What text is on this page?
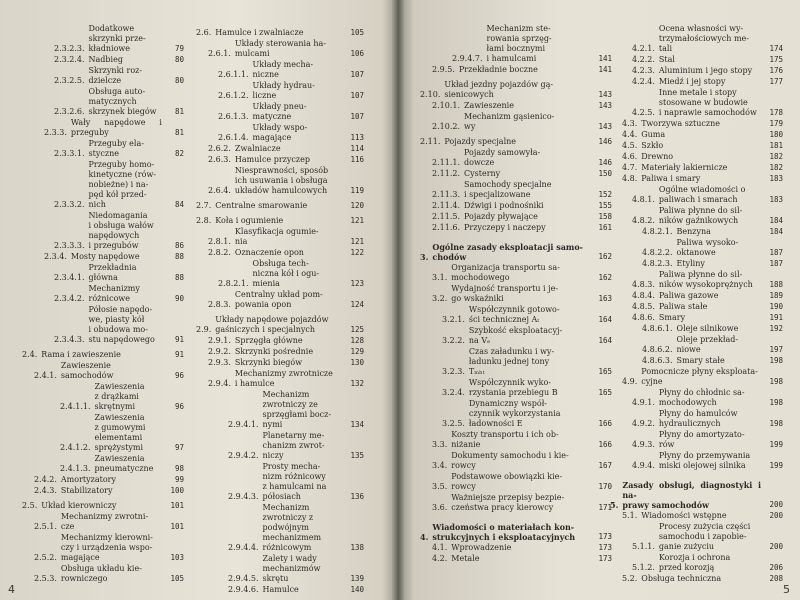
2.3.2.3.
Dodatkowe
skrzynki prze-
kładniowe	79
2.3.2.4. Nadbieg	80
2.3.2.5.
Skrzynki roz-
dzielcze	80
2.3.2.6.
Obsługa auto-
matycznych
skrzynek biegów	81
2.3.3.
Wały napędowe i przeguby	81
2.3.3.1.
Przeguby ela-
styczne	82
2.3.3.2.
Przeguby homo-
kinetyczne (rów-
nobieżne) i na-
pęd kół przed-
nich	84
2.3.3.3.
Niedomagania
i obsługa wałów
napędowych
i przegubów	86
2.3.4. Mosty napędowe	88
2.3.4.1.
Przekładnia
główna	88
2.3.4.2.
Mechanizmy
różnicowe	90
2.3.4.3.
Półosie napędo-
we, piasty kół
i obudowa mo-
stu napędowego	91
2.4. Rama i zawieszenie	91
2.4.1.
Zawieszenie samochodów	96
2.4.1.1.
Zawieszenia
z drążkami
skrętnymi	96
2.4.1.2.
Zawieszenia
z gumowymi
elementami
sprężystymi	97
2.4.1.3.
Zawieszenia
pneumatyczne	98
2.4.2. Amortyzatory	99
2.4.3. Stabilizatory	100
2.5. Układ kierowniczy	101
2.5.1.
Mechanizmy zwrotni-
cze	101
2.5.2.
Mechanizmy kierowni-
czy i urządzenia wspo-
magające	103
2.5.3.
Obsługa układu kie-
rowniczego	105
2.6. Hamulce i zwalniacze	105
2.6.1.
Układy sterowania ha-
mulcami	106
2.6.1.1.
Układy mecha-
niczne	107
2.6.1.2.
Układy hydrau-
liczne	107
2.6.1.3.
Układy pneu-
matyczne	107
2.6.1.4.
Układy wspo-
magające	113
2.6.2. Zwalniacze	114
2.6.3. Hamulce przyczep	116
2.6.4.
Niesprawności, sposób
ich usuwania i obsługa
układów hamulcowych	119
2.7. Centralne smarowanie	120
2.8. Koła i ogumienie	121
2.8.1.
Klasyfikacja ogumie-
nia	121
2.8.2. Oznaczenie opon	122
2.8.2.1.
Obsługa tech-
niczna kół i ogu-
mienia	123
2.8.3.
Centralny układ pom-
powania opon	124
2.9.
Układy napędowe pojazdów
gaśniczych i specjalnych	125
2.9.1. Sprzęgła główne	128
2.9.2. Skrzynki pośrednie	129
2.9.3. Skrzynki biegów	130
2.9.4.
Mechanizmy zwrotnicze
i hamulce	132
2.9.4.1.
Mechanizm
zwrotniczy ze
sprzęgłami bocz-
nymi	134
2.9.4.2.
Planetarny me-
chanizm zwrot-
niczy	135
2.9.4.3.
Prosty mecha-
nizm różnicowy
z hamulcami na
półosiach	136
2.9.4.4.
Mechanizm
zwrotniczy z
podwójnym
mechanizmem
różnicowym	138
2.9.4.5.
Zalety i wady
mechanizmów
skrętu	139
2.9.4.6. Hamulce	140
4
2.9.4.7.
Mechanizm ste-
rowania sprzęg-
łami bocznymi
i hamulcami	141
2.9.5. Przekładnie boczne	141
2.10.
Układ jezdny pojazdów gą-
sienicowych	143
2.10.1. Zawieszenie	143
2.10.2.
Mechanizm gąsienico-
wy	143
2.11. Pojazdy specjalne	146
2.11.1.
Pojazdy samowyła-
dowcze	146
2.11.2. Cysterny	150
2.11.3.
Samochody specjalne
i specjalizowane	152
2.11.4. Dźwigi i podnośniki	155
2.11.5. Pojazdy pływające	158
2.11.6. Przyczepy i naczepy	161
3.
Ogólne zasady eksploatacji samo-
chodów	162
3.1.
Organizacja transportu sa-
mochodowego	162
3.2.
Wydajność transportu i je-
go wskaźniki	163
3.2.1.
Współczynnik gotowo-
ści technicznej Aₜ	164
3.2.2.
Szybkość eksploatacyj-
na Vₑ	164
3.2.3.
Czas załadunku i wy-
ładunku jednej tony
Tₘₕₜ	165
3.2.4.
Współczynnik wyko-
rzystania przebiegu B	165
3.2.5.
Dynamiczny współ-
czynnik wykorzystania
ładowności E	166
3.3.
Koszty transportu i ich ob-
niżanie	166
3.4.
Dokumenty samochodu i kie-
rowcy	167
3.5.
Podstawowe obowiązki kie-
rowcy	170
3.6.
Ważniejsze przepisy bezpie-
czeństwa pracy kierowcy	171
4.
Wiadomości o materiałach kon-
strukcyjnych i eksploatacyjnych	173
4.1. Wprowadzenie	173
4.2. Metale	173
4.2.1.
Ocena własności wy-
trzymałościowych me-
tali	174
4.2.2. Stal	175
4.2.3. Aluminium i jego stopy	176
4.2.4. Miedź i jej stopy	177
4.2.5.
Inne metale i stopy
stosowane w budowie
i naprawie samochodów	178
4.3. Tworzywa sztuczne	179
4.4. Guma	180
4.5. Szkło	181
4.6. Drewno	182
4.7. Materiały lakiernicze	182
4.8. Paliwa i smary	183
4.8.1.
Ogólne wiadomości o
paliwach i smarach	183
4.8.2.
Paliwa płynne do sil-
ników gaźnikowych	184
4.8.2.1. Benzyna	184
4.8.2.2.
Paliwa wysoko-
oktanowe	187
4.8.2.3. Etyliny	187
4.8.3.
Paliwa płynne do sil-
ników wysokoprężnych	188
4.8.4. Paliwa gazowe	189
4.8.5. Paliwa stałe	190
4.8.6. Smary	191
4.8.6.1. Oleje silnikowe	192
4.8.6.2.
Oleje przekład-
niowe	197
4.8.6.3. Smary stałe	198
4.9.
Pomocnicze płyny eksploata-
cyjne	198
4.9.1.
Płyny do chłodnic sa-
mochodowych	198
4.9.2.
Płyny do hamulców
hydraulicznych	198
4.9.3.
Płyny do amortyzato-
rów	199
4.9.4.
Płyny do przemywania
miski olejowej silnika	199
5.
Zasady obsługi, diagnostyki i na-
prawy samochodów	200
5.1. Wiadomości wstępne	200
5.1.1.
Procesy zużycia części
samochodu i zapobie-
ganie zużyciu	200
5.1.2.
Korozja i ochrona
przed korozją	206
5.2. Obsługa techniczna	208
5
